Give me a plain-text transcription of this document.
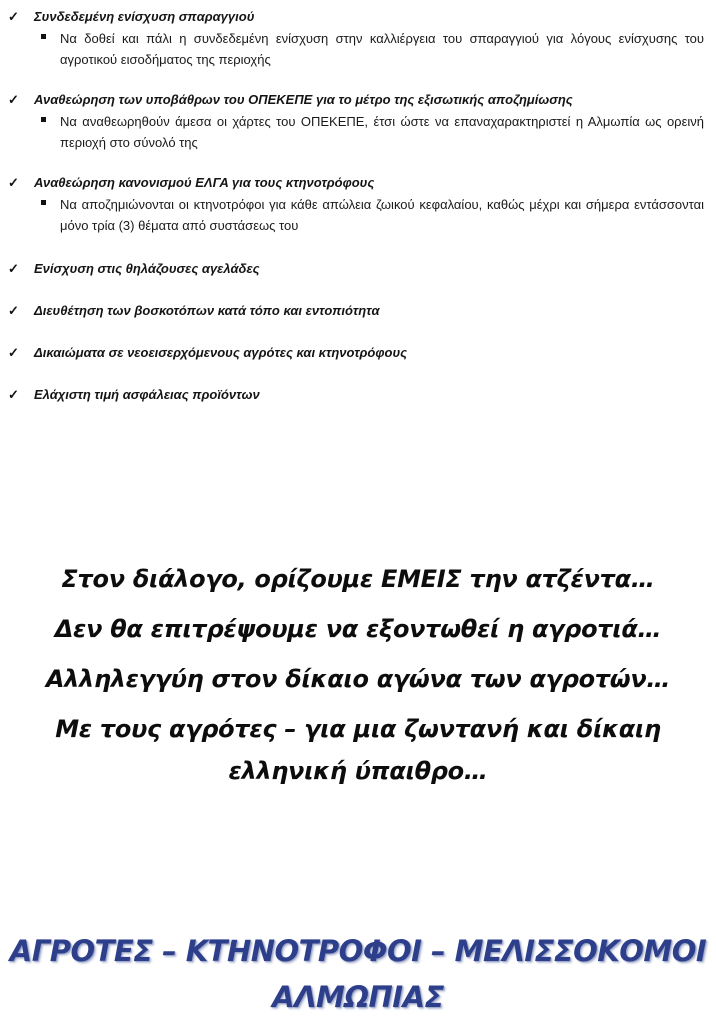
✓ Συνδεδεμένη ενίσχυση σπαραγγιού

Να δοθεί και πάλι η συνδεδεμένη ενίσχυση στην καλλιέργεια του σπαραγγιού για λόγους ενίσχυσης του αγροτικού εισοδήματος της περιοχής

✓ Αναθεώρηση των υποβάθρων του ΟΠΕΚΕΠΕ για το μέτρο της εξισωτικής αποζημίωσης

Να αναθεωρηθούν άμεσα οι χάρτες του ΟΠΕΚΕΠΕ, έτσι ώστε να επαναχαρακτηριστεί η Αλμωπία ως ορεινή περιοχή στο σύνολό της

✓ Αναθεώρηση κανονισμού ΕΛΓΑ για τους κτηνοτρόφους

Να αποζημιώνονται οι κτηνοτρόφοι για κάθε απώλεια ζωικού κεφαλαίου, καθώς μέχρι και σήμερα εντάσσονται μόνο τρία (3) θέματα από συστάσεως του

✓ Ενίσχυση στις θηλάζουσες αγελάδες

✓ Διευθέτηση των βοσκοτόπων κατά τόπο και εντοπιότητα

✓ Δικαιώματα σε νεοεισερχόμενους αγρότες και κτηνοτρόφους

✓ Ελάχιστη τιμή ασφάλειας προϊόντων

Στον διάλογο, ορίζουμε ΕΜΕΙΣ την ατζέντα…

Δεν θα επιτρέψουμε να εξοντωθεί η αγροτιά…

Αλληλεγγύη στον δίκαιο αγώνα των αγροτών…

Με τους αγρότες – για μια ζωντανή και δίκαιη

ελληνική ύπαιθρο…

ΑΓΡΟΤΕΣ – ΚΤΗΝΟΤΡΟΦΟΙ – ΜΕΛΙΣΣΟΚΟΜΟΙ

ΑΛΜΩΠΙΑΣ
